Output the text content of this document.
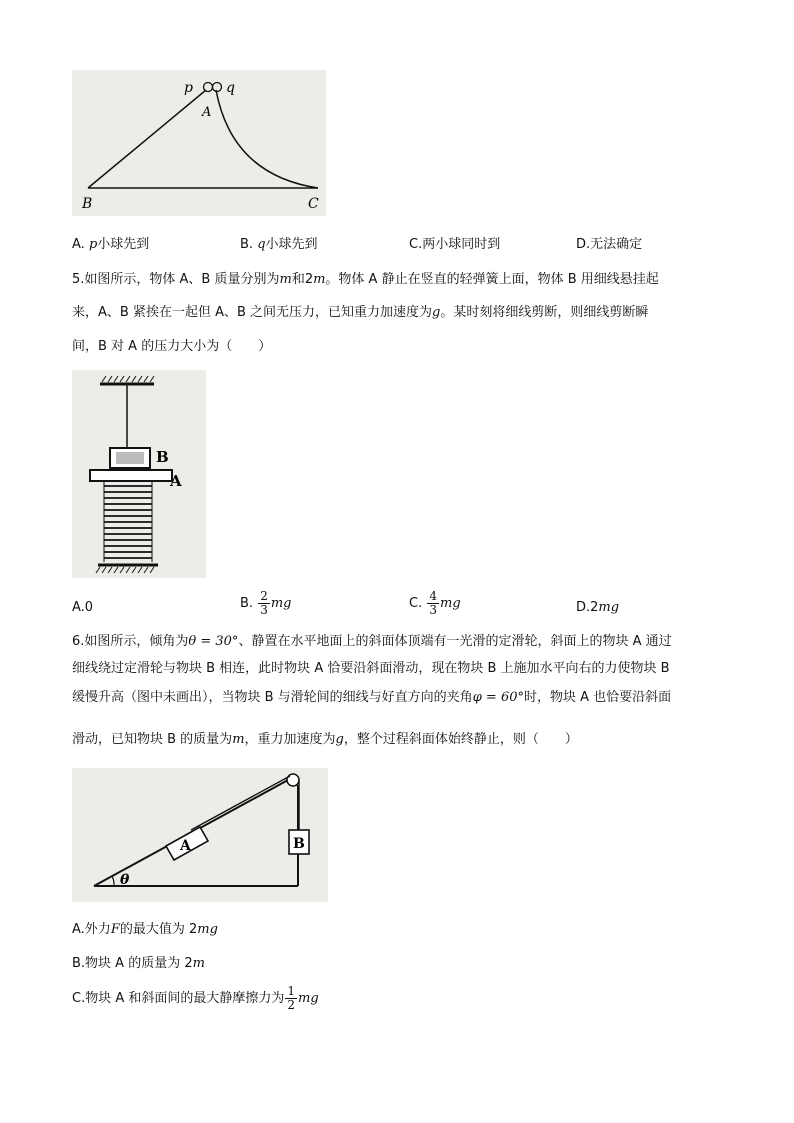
p q
A
B	C
A. p小球先到	B. q小球先到	C.两小球同时到	D.无法确定
5.如图所示，物体 A、B 质量分别为m和2m。物体 A 静止在竖直的轻弹簧上面，物体 B 用细线悬挂起
来，A、B 紧挨在一起但 A、B 之间无压力，已知重力加速度为g。某时刻将细线剪断，则细线剪断瞬
间，B 对 A 的压力大小为（　　）
B
A
A.0	B. $\frac{2}{3}$ mg	C. $\frac{4}{3}$ mg	D.2mg
6.如图所示，倾角为θ = 30°、静置在水平地面上的斜面体顶端有一光滑的定滑轮，斜面上的物块 A 通过
细线绕过定滑轮与物块 B 相连，此时物块 A 恰要沿斜面滑动，现在物块 B 上施加水平向右的力使物块 B
缓慢升高（图中未画出），当物块 B 与滑轮间的细线与好直方向的夹角φ = 60°时，物块 A 也恰要沿斜面
滑动，已知物块 B 的质量为m，重力加速度为g，整个过程斜面体始终静止，则（　　）
A	B
θ
A.外力F的最大值为 2mg
B.物块 A 的质量为 2m
C.物块 A 和斜面间的最大静摩擦力为 $\frac{1}{2}$ mg
